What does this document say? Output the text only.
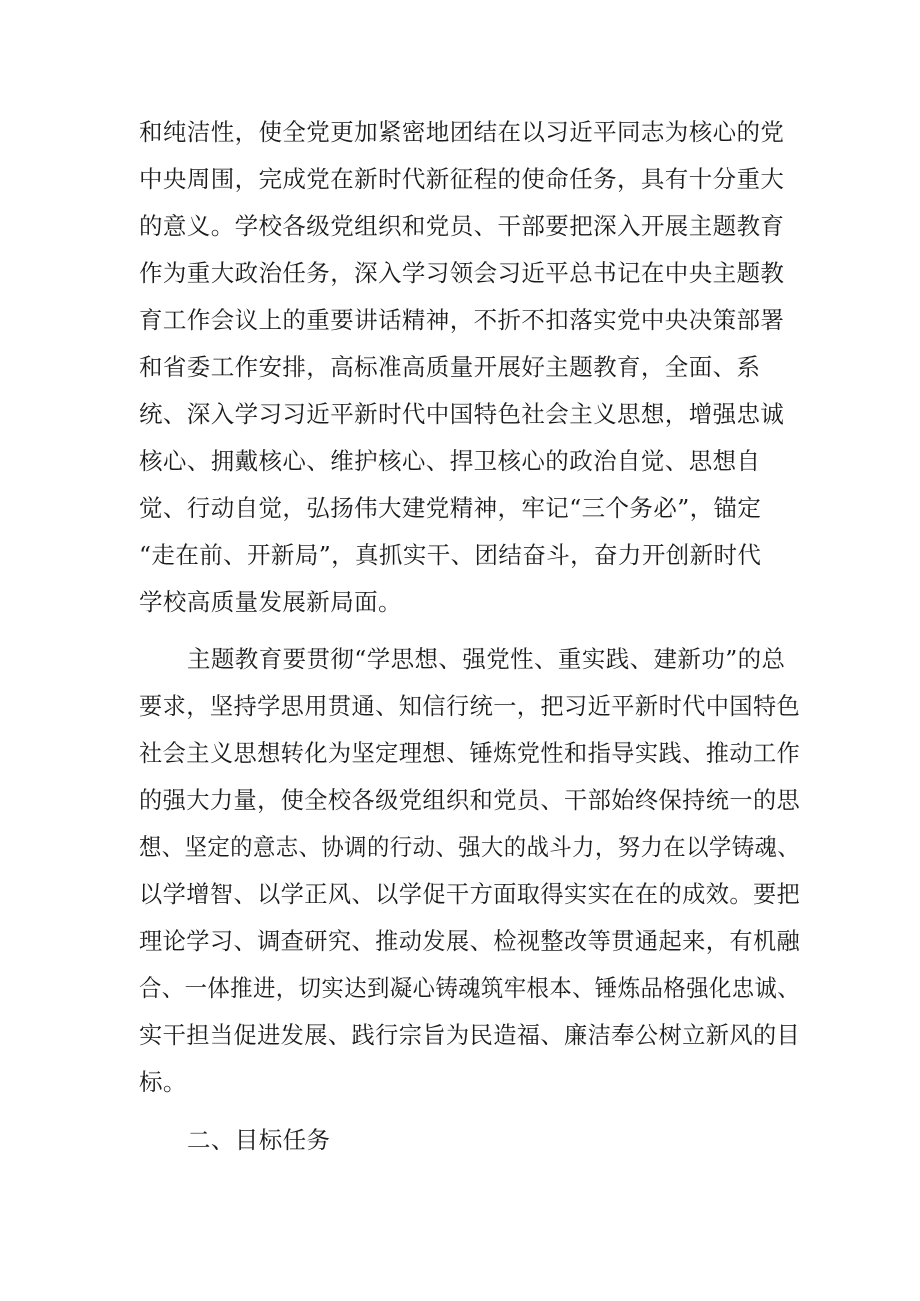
和纯洁性，使全党更加紧密地团结在以习近平同志为核心的党

中央周围，完成党在新时代新征程的使命任务，具有十分重大

的意义。学校各级党组织和党员、干部要把深入开展主题教育

作为重大政治任务，深入学习领会习近平总书记在中央主题教

育工作会议上的重要讲话精神，不折不扣落实党中央决策部署

和省委工作安排，高标准高质量开展好主题教育，全面、系

统、深入学习习近平新时代中国特色社会主义思想，增强忠诚

核心、拥戴核心、维护核心、捍卫核心的政治自觉、思想自

觉、行动自觉，弘扬伟大建党精神，牢记“三个务必”，锚定

“走在前、开新局”，真抓实干、团结奋斗，奋力开创新时代

学校高质量发展新局面。

主题教育要贯彻“学思想、强党性、重实践、建新功”的总

要求，坚持学思用贯通、知信行统一，把习近平新时代中国特色

社会主义思想转化为坚定理想、锤炼党性和指导实践、推动工作

的强大力量，使全校各级党组织和党员、干部始终保持统一的思

想、坚定的意志、协调的行动、强大的战斗力，努力在以学铸魂、

以学增智、以学正风、以学促干方面取得实实在在的成效。要把

理论学习、调查研究、推动发展、检视整改等贯通起来，有机融

合、一体推进，切实达到凝心铸魂筑牢根本、锤炼品格强化忠诚、

实干担当促进发展、践行宗旨为民造福、廉洁奉公树立新风的目

标。

二、目标任务
